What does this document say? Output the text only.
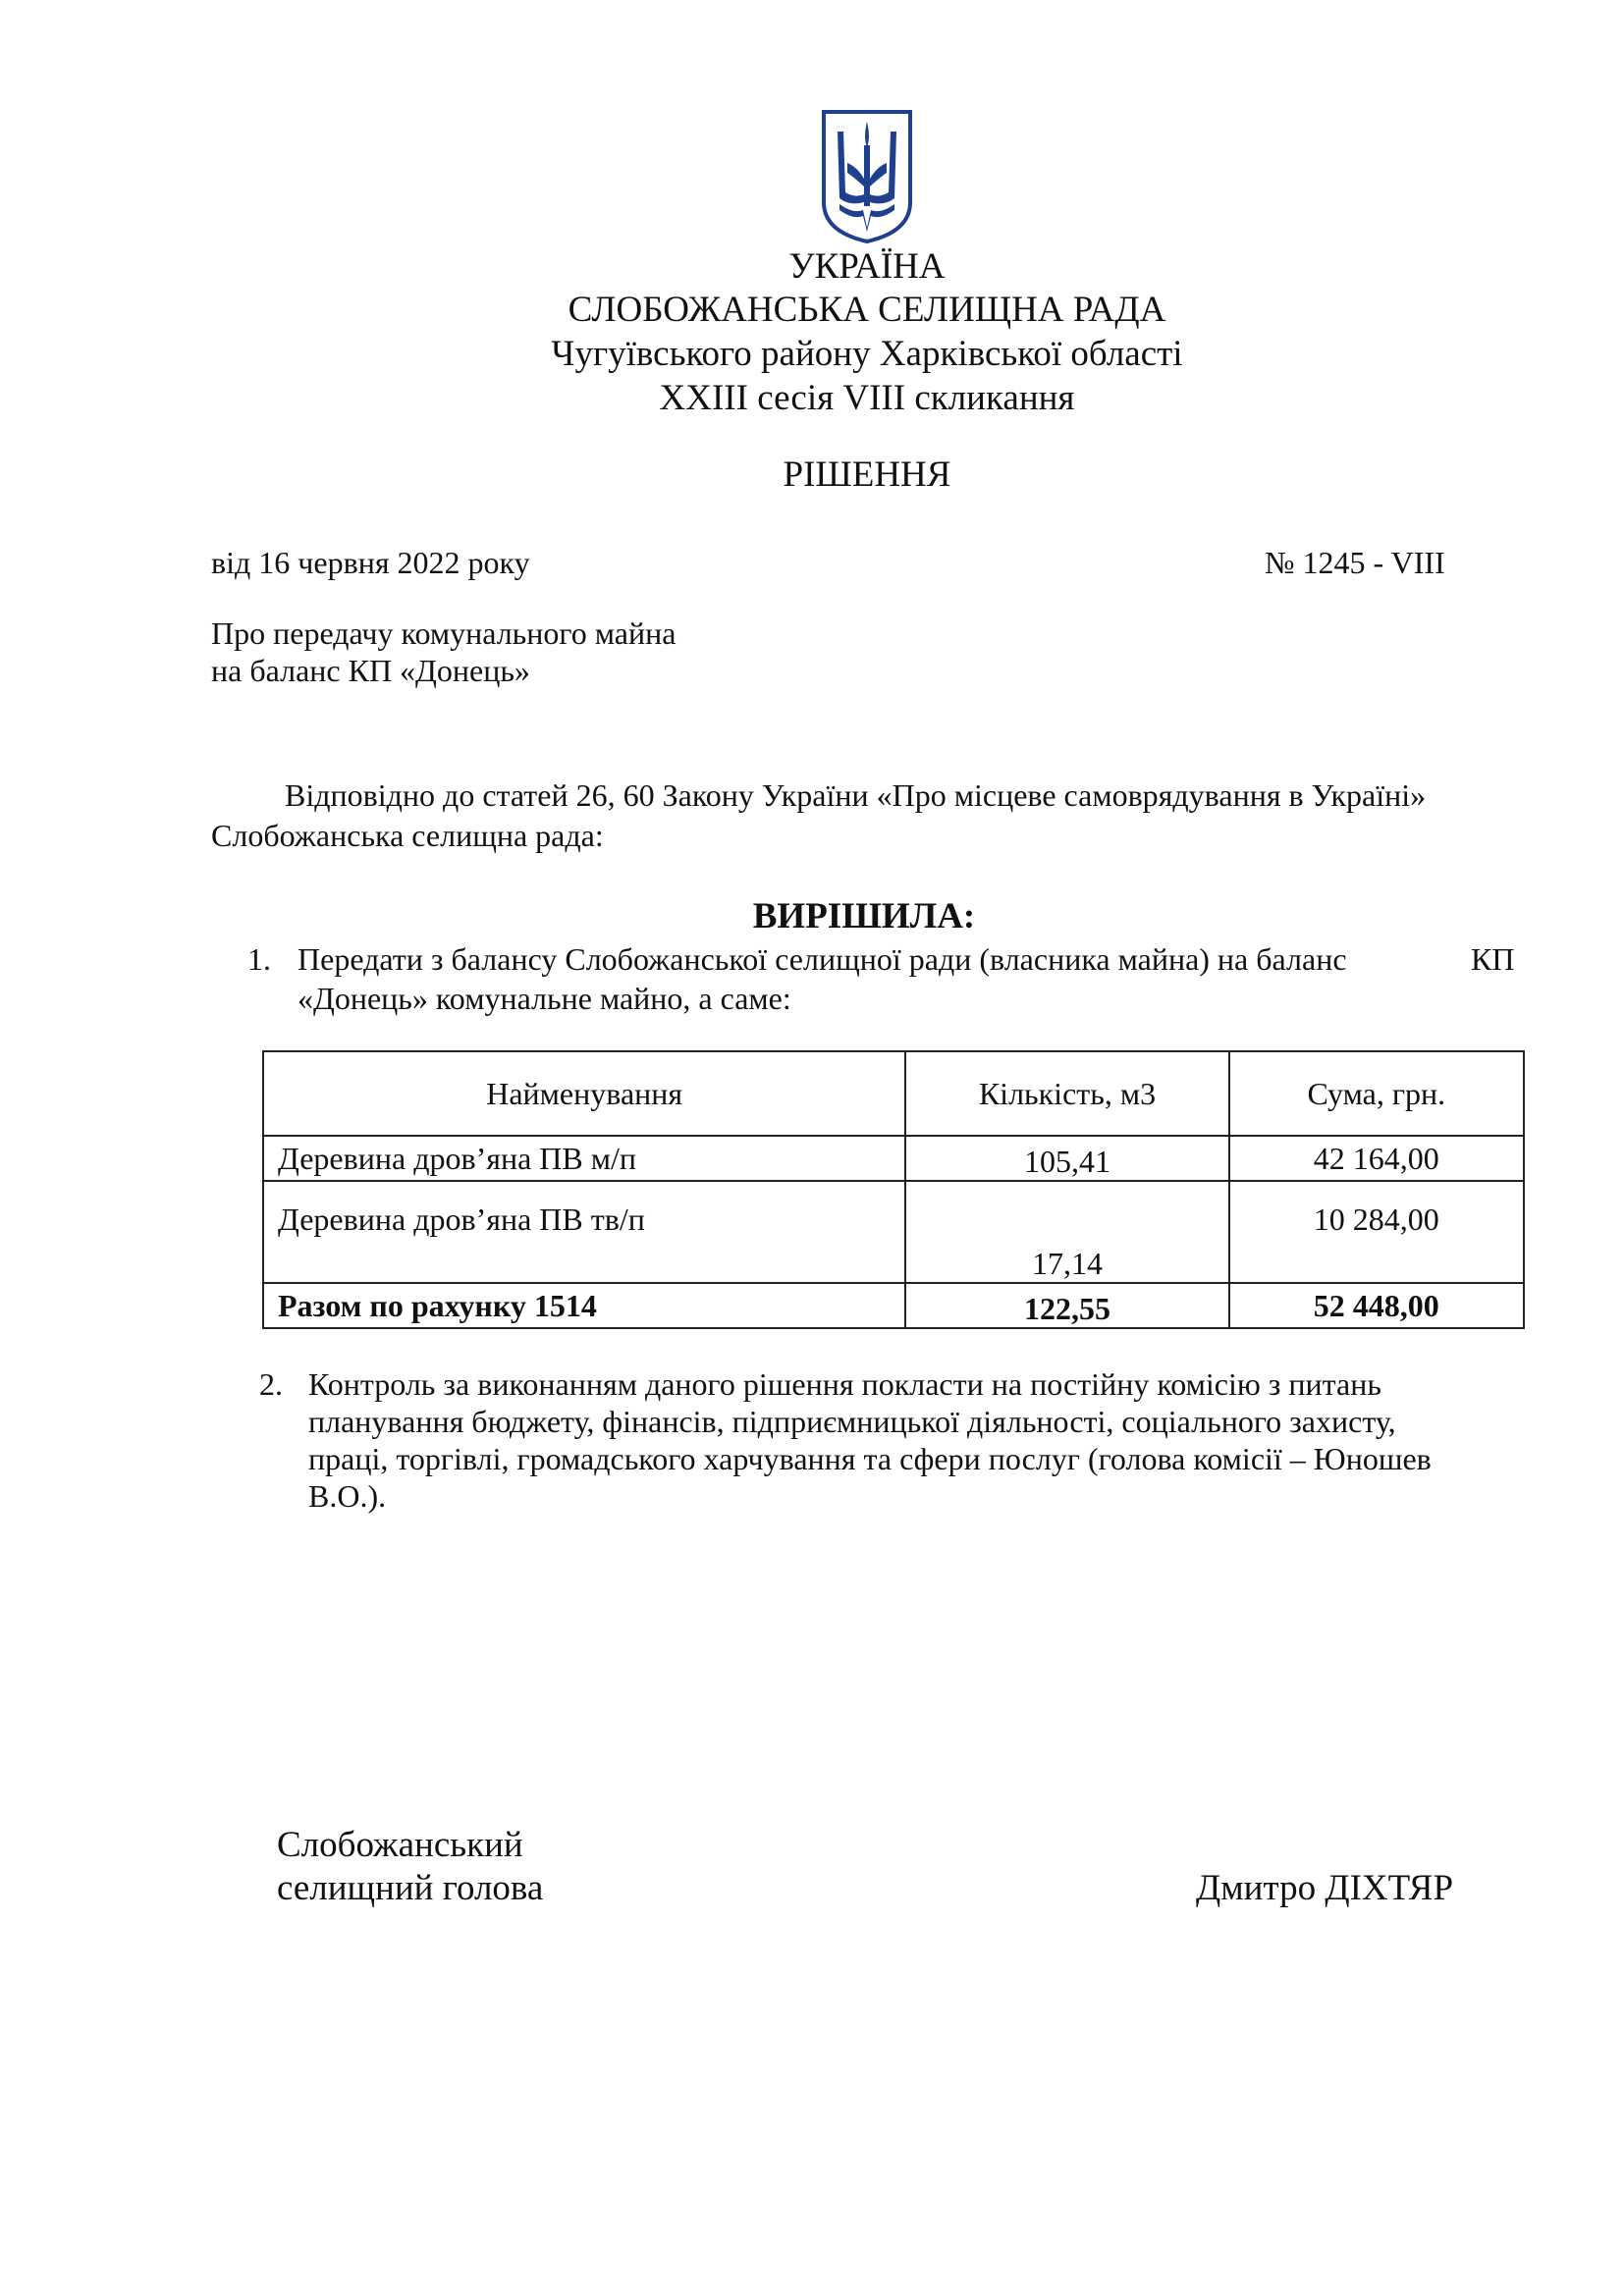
УКРАЇНА
СЛОБОЖАНСЬКА СЕЛИЩНА РАДА
Чугуївського району Харківської області
XXIII сесія VIII скликання
РІШЕННЯ
від 16 червня 2022 року	№ 1245 - VIII
Про передачу комунального майна
на баланс КП «Донець»
Відповідно до статей 26, 60 Закону України «Про місцеве самоврядування в Україні»
Слобожанська селищна рада:
ВИРІШИЛА:
1. Передати з балансу Слобожанської селищної ради (власника майна) на баланс	КП
«Донець» комунальне майно, а саме:
Найменування	Кількість, м3	Сума, грн.
Деревина дров’яна ПВ м/п	105,41	42 164,00
Деревина дров’яна ПВ тв/п	17,14	10 284,00
Разом по рахунку 1514	122,55	52 448,00
2. Контроль за виконанням даного рішення покласти на постійну комісію з питань
планування бюджету, фінансів, підприємницької діяльності, соціального захисту,
праці, торгівлі, громадського харчування та сфери послуг (голова комісії – Юношев
В.О.).
Слобожанський
селищний голова	Дмитро ДІХТЯР
